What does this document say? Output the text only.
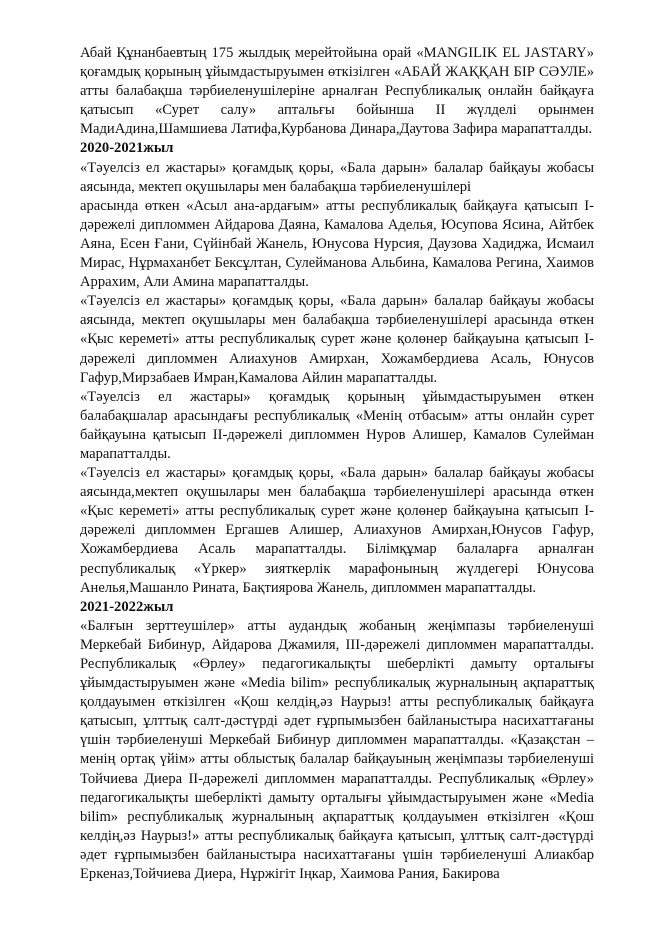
Абай Құнанбаевтың 175 жылдық мерейтойына орай «MANGILIK EL JASTARY» қоғамдық қорының ұйымдастыруымен өткізілген «АБАЙ ЖАҚҚАН БІР СӘУЛЕ» атты балабақша тәрбиеленушілеріне арналған Республикалық онлайн байқауға қатысып «Сурет салу» аптальғы бойынша II жүлделі орынмен МадиАдина,Шамшиева Латифа,Курбанова Динара,Даутова Зафира марапатталды.

2020-2021жыл

«Тәуелсіз ел жастары» қоғамдық қоры, «Бала дарын» балалар байқауы жобасы аясында, мектеп оқушылары мен балабақша тәрбиеленушілері

арасында өткен «Асыл ана-ардағым» атты республикалық байқауға қатысып І-дәрежелі дипломмен Айдарова Даяна, Камалова Аделья, Юсупова Ясина, Айтбек Аяна, Есен Ғани, Сүйінбай Жанель, Юнусова Нурсия, Даузова Хадиджа, Исмаил Мирас, Нұрмаханбет Бексұлтан, Сулейманова Альбина, Камалова Регина, Хаимов Аррахим, Али Амина марапатталды.

«Тәуелсіз ел жастары» қоғамдық қоры, «Бала дарын» балалар байқауы жобасы аясында, мектеп оқушылары мен балабақша тәрбиеленушілері арасында өткен «Қыс кереметі» атты республикалық сурет және қолөнер байқауына қатысып І-дәрежелі дипломмен Алиахунов Амирхан, Хожамбердиева Асаль, Юнусов Гафур,Мирзабаев Имран,Камалова Айлин марапатталды.

«Тәуелсіз ел жастары» қоғамдық қорының ұйымдастыруымен өткен балабақшалар арасындағы республикалық «Менің отбасым» атты онлайн сурет байқауына қатысып II-дәрежелі дипломмен Нуров Алишер, Камалов Сулейман марапатталды.

«Тәуелсіз ел жастары» қоғамдық қоры, «Бала дарын» балалар байқауы жобасы аясында,мектеп оқушылары мен балабақша тәрбиеленушілері арасында өткен «Қыс кереметі» атты республикалық сурет және қолөнер байқауына қатысып І-дәрежелі дипломмен Ергашев Алишер, Алиахунов Амирхан,Юнусов Гафур, Хожамбердиева Асаль марапатталды. Білімқұмар балаларға арналған республикалық «Үркер» зияткерлік марафонының жүлдегері Юнусова Анелья,Машанло Рината, Бақтиярова Жанель, дипломмен марапатталды.

2021-2022жыл

«Балғын зерттеушілер» атты аудандық жобаның жеңімпазы тәрбиеленуші Меркебай Бибинур, Айдарова Джамиля, ІІІ-дәрежелі дипломмен марапатталды. Республикалық «Өрлеу» педагогикалықты шеберлікті дамыту орталығы ұйымдастыруымен және «Media bilim» республикалық журналының ақпараттық қолдауымен өткізілген «Қош келдің,әз Наурыз! атты республикалық байқауға қатысып, ұлттық салт-дәстүрді әдет ғұрпымызбен байланыстыра насихаттағаны үшін тәрбиеленуші Меркебай Бибинур дипломмен марапатталды. «Қазақстан – менің ортақ үйім» атты облыстық балалар байқауының жеңімпазы тәрбиеленуші Тойчиева Диера II-дәрежелі дипломмен марапатталды. Республикалық «Өрлеу» педагогикалықты шеберлікті дамыту орталығы ұйымдастыруымен және «Media bilim» республикалық журналының ақпараттық қолдауымен өткізілген «Қош келдің,әз Наурыз!» атты республикалық байқауға қатысып, ұлттық салт-дәстүрді әдет ғұрпымызбен байланыстыра насихаттағаны үшін тәрбиеленуші Алиакбар Еркеназ,Тойчиева Диера, Нұржігіт Іңкар, Хаимова Рания, Бакирова
